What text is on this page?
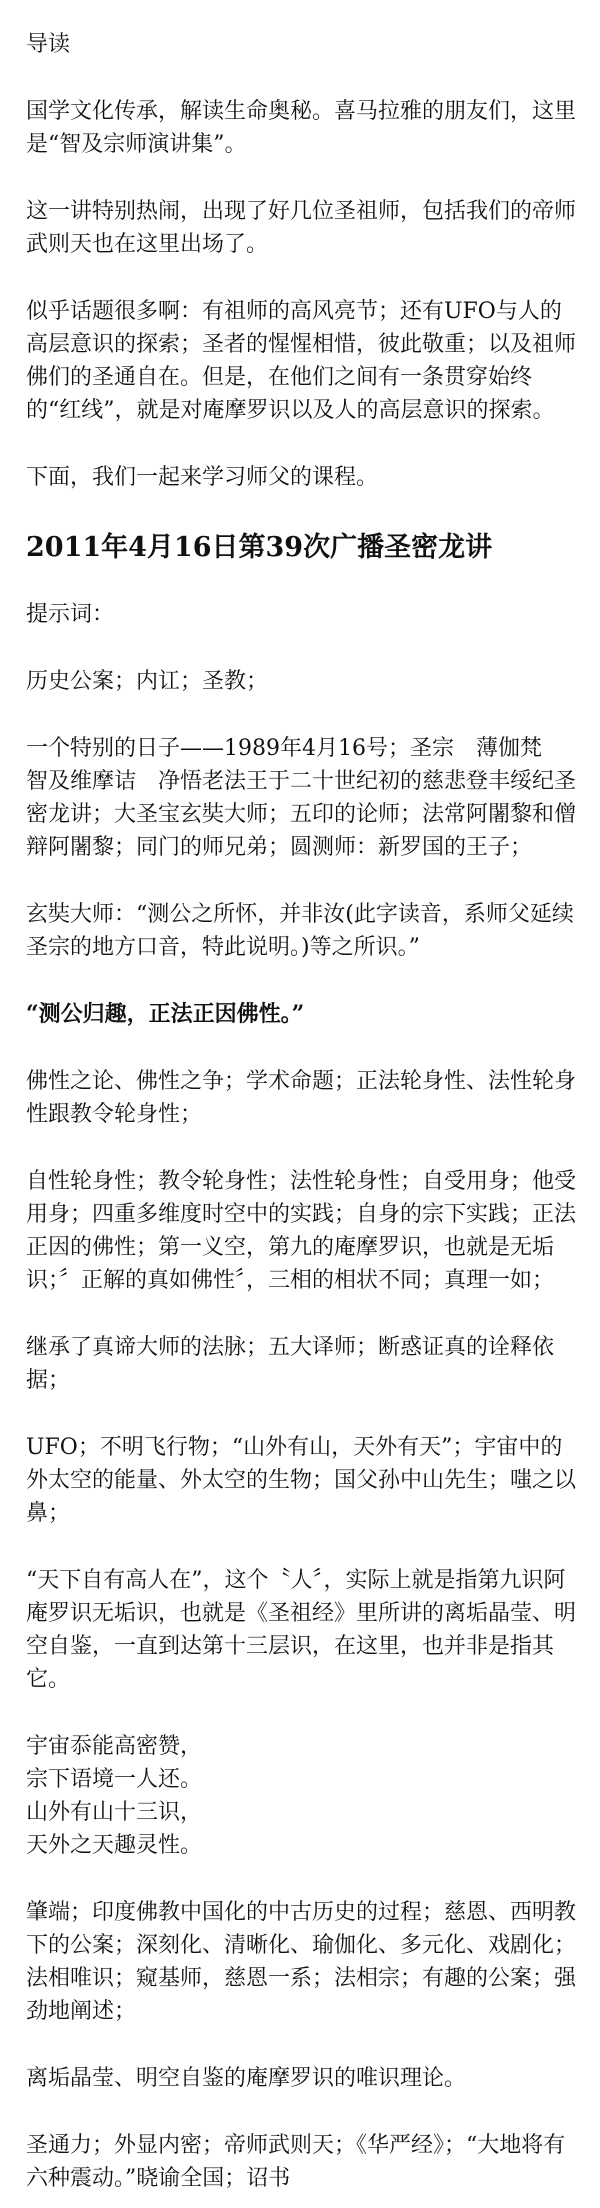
导读
国学文化传承，解读生命奥秘。喜马拉雅的朋友们，这里是“智及宗师演讲集”。
这一讲特别热闹，出现了好几位圣祖师，包括我们的帝师武则天也在这里出场了。
似乎话题很多啊：有祖师的高风亮节；还有UFO与人的高层意识的探索；圣者的惺惺相惜，彼此敬重；以及祖师佛们的圣通自在。但是，在他们之间有一条贯穿始终的“红线”，就是对庵摩罗识以及人的高层意识的探索。
下面，我们一起来学习师父的课程。
2011年4月16日第39次广播圣密龙讲
提示词：
历史公案；内讧；圣教；
一个特别的日子——1989年4月16号；圣宗　薄伽梵　智及维摩诘　净悟老法王于二十世纪初的慈悲登丰绥纪圣密龙讲；大圣宝玄奘大师；五印的论师；法常阿闍黎和僧辩阿闍黎；同门的师兄弟；圆测师：新罗国的王子；
玄奘大师：“测公之所怀，并非汝(此字读音，系师父延续圣宗的地方口音，特此说明。)等之所识。”
“测公归趣，正法正因佛性。”
佛性之论、佛性之争；学术命题；正法轮身性、法性轮身性跟教令轮身性；
自性轮身性；教令轮身性；法性轮身性；自受用身；他受用身；四重多维度时空中的实践；自身的宗下实践；正法正因的佛性；第一义空，第九的庵摩罗识，也就是无垢识；〞正解的真如佛性〞，三相的相状不同；真理一如；
继承了真谛大师的法脉；五大译师；断惑证真的诠释依据；
UFO；不明飞行物；“山外有山，天外有天”；宇宙中的外太空的能量、外太空的生物；国父孙中山先生；嗤之以鼻；
“天下自有高人在”，这个〝人〞，实际上就是指第九识阿庵罗识无垢识，也就是《圣祖经》里所讲的离垢晶莹、明空自鉴，一直到达第十三层识，在这里，也并非是指其它。
宇宙忝能高密赞，
宗下语境一人还。
山外有山十三识，
天外之天趣灵性。
肇端；印度佛教中国化的中古历史的过程；慈恩、西明教下的公案；深刻化、清晰化、瑜伽化、多元化、戏剧化；法相唯识；窥基师，慈恩一系；法相宗；有趣的公案；强劲地阐述；
离垢晶莹、明空自鉴的庵摩罗识的唯识理论。
圣通力；外显内密；帝师武则天；《华严经》；“大地将有六种震动。”晓谕全国；诏书
